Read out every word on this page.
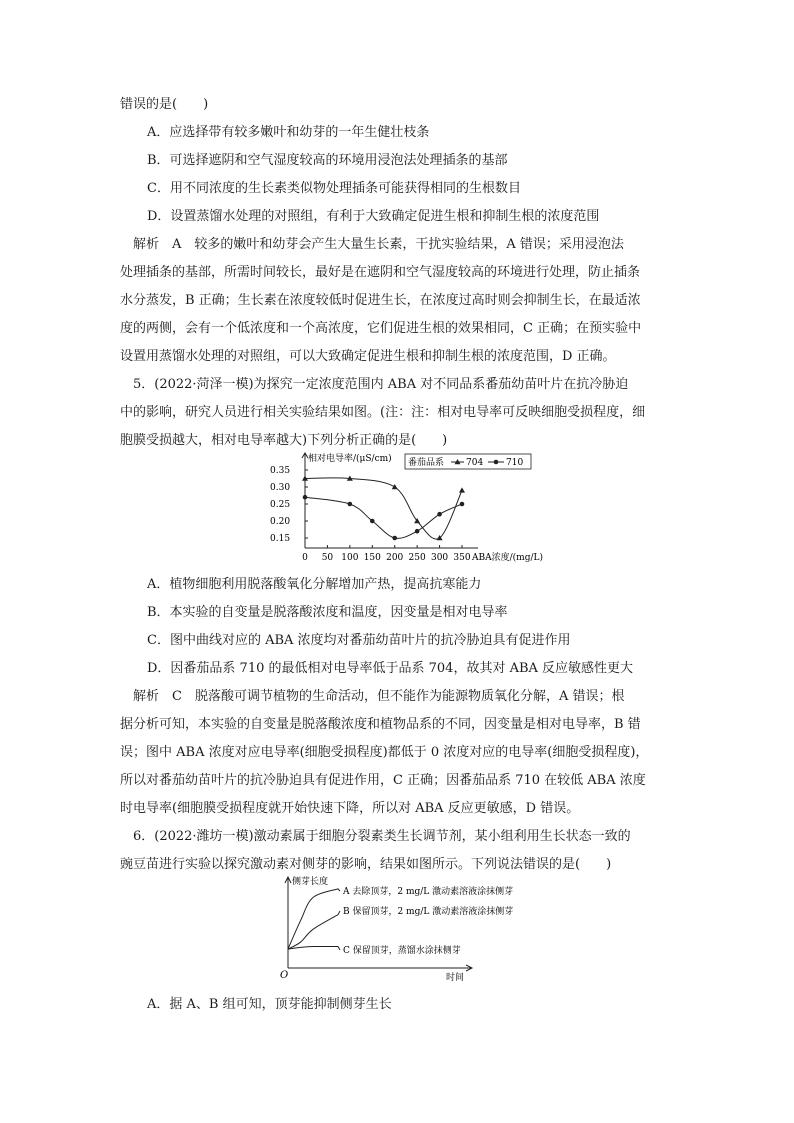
错误的是(　　)
A．应选择带有较多嫩叶和幼芽的一年生健壮枝条
B．可选择遮阴和空气湿度较高的环境用浸泡法处理插条的基部
C．用不同浓度的生长素类似物处理插条可能获得相同的生根数目
D．设置蒸馏水处理的对照组，有利于大致确定促进生根和抑制生根的浓度范围
解析　A　较多的嫩叶和幼芽会产生大量生长素，干扰实验结果，A 错误；采用浸泡法
处理插条的基部，所需时间较长，最好是在遮阴和空气湿度较高的环境进行处理，防止插条
水分蒸发，B 正确；生长素在浓度较低时促进生长，在浓度过高时则会抑制生长，在最适浓
度的两侧，会有一个低浓度和一个高浓度，它们促进生根的效果相同，C 正确；在预实验中
设置用蒸馏水处理的对照组，可以大致确定促进生根和抑制生根的浓度范围，D 正确。
5．(2022·菏泽一模)为探究一定浓度范围内 ABA 对不同品系番茄幼苗叶片在抗冷胁迫
中的影响，研究人员进行相关实验结果如图。(注：注：相对电导率可反映细胞受损程度，细
胞膜受损越大，相对电导率越大)下列分析正确的是(　　)
相对电导率/(μS/cm)
ABA浓度/(mg/L)
0.35
0.30
0.25
0.20
0.15
0 50 100 150 200 250 300 350
番茄品系 704	710
A．植物细胞利用脱落酸氧化分解增加产热，提高抗寒能力
B．本实验的自变量是脱落酸浓度和温度，因变量是相对电导率
C．图中曲线对应的 ABA 浓度均对番茄幼苗叶片的抗冷胁迫具有促进作用
D．因番茄品系 710 的最低相对电导率低于品系 704，故其对 ABA 反应敏感性更大
解析　C　脱落酸可调节植物的生命活动，但不能作为能源物质氧化分解，A 错误；根
据分析可知，本实验的自变量是脱落酸浓度和植物品系的不同，因变量是相对电导率，B 错
误；图中 ABA 浓度对应电导率(细胞受损程度)都低于 0 浓度对应的电导率(细胞受损程度)，
所以对番茄幼苗叶片的抗冷胁迫具有促进作用，C 正确；因番茄品系 710 在较低 ABA 浓度
时电导率(细胞膜受损程度就开始快速下降，所以对 ABA 反应更敏感，D 错误。
6．(2022·潍坊一模)激动素属于细胞分裂素类生长调节剂，某小组利用生长状态一致的
豌豆苗进行实验以探究激动素对侧芽的影响，结果如图所示。下列说法错误的是(　　)
侧芽长度
时间
O
A 去除顶芽，2 mg/L 激动素溶液涂抹侧芽
B 保留顶芽，2 mg/L 激动素溶液涂抹侧芽
C 保留顶芽，蒸馏水涂抹侧芽
A．据 A、B 组可知，顶芽能抑制侧芽生长
